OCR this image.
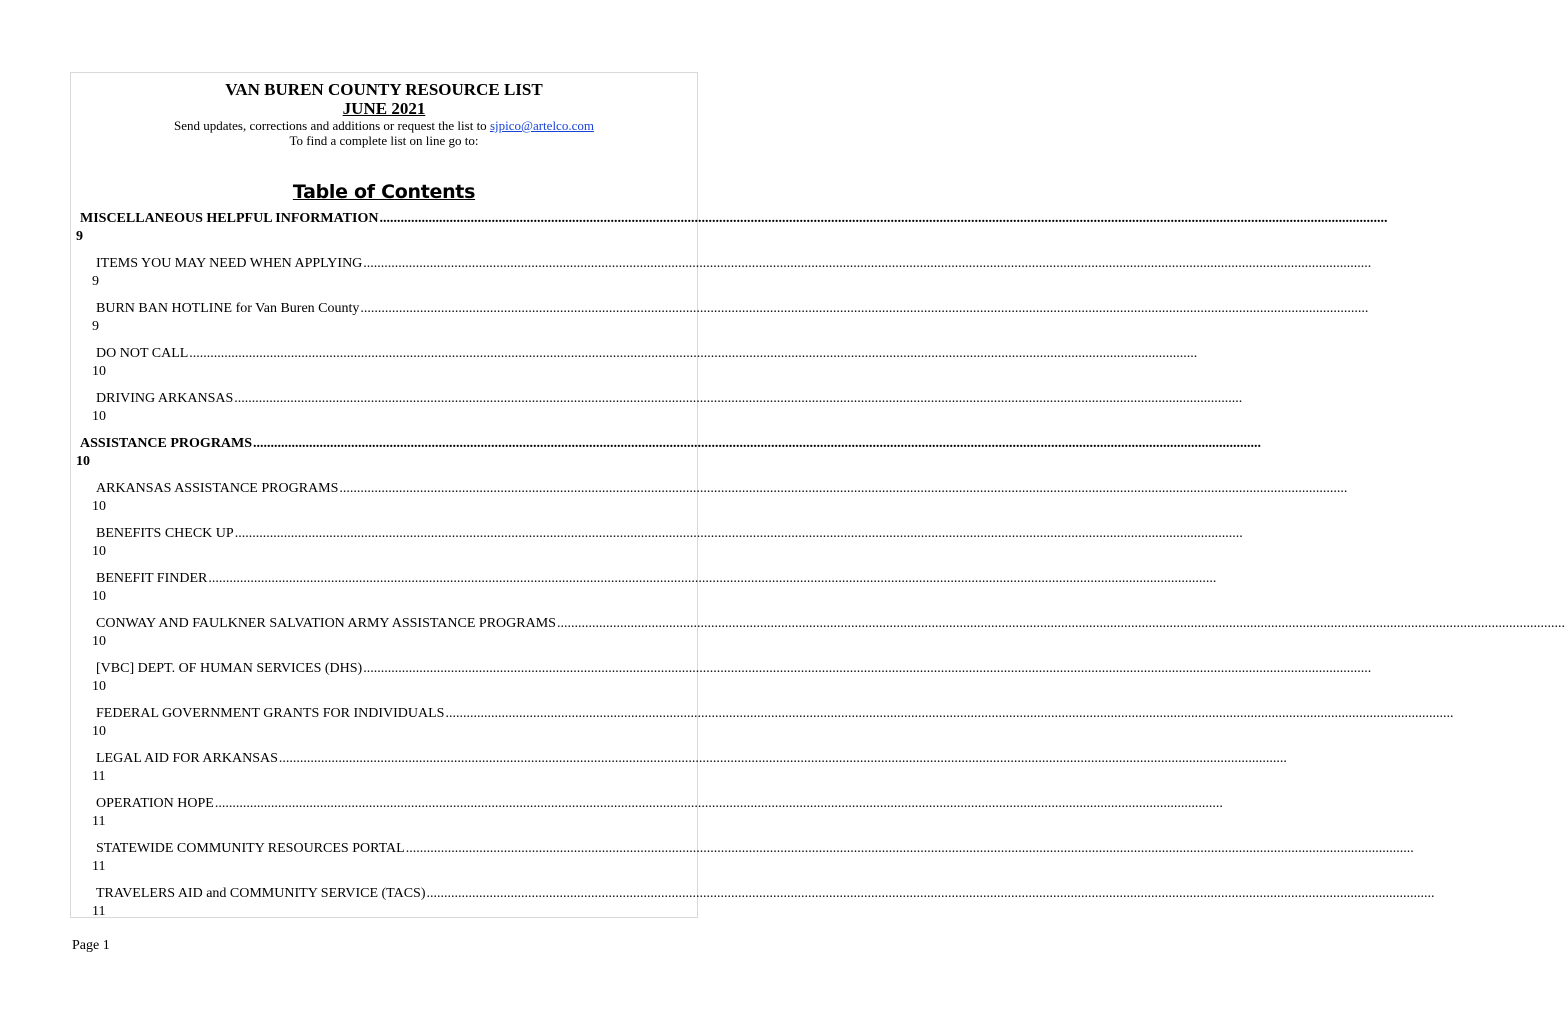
VAN BUREN COUNTY RESOURCE LIST

JUNE 2021

Send updates, corrections and additions or request the list to sjpico@artelco.com

To find a complete list on line go to:

Table of Contents
MISCELLANEOUS HELPFUL INFORMATION ................................................................................................................................................................................................................................................................................................
9
ITEMS YOU MAY NEED WHEN APPLYING ................................................................................................................................................................................................................................................................................................
9
BURN BAN HOTLINE for Van Buren County ................................................................................................................................................................................................................................................................................................
9
DO NOT CALL ................................................................................................................................................................................................................................................................................................
10
DRIVING ARKANSAS ................................................................................................................................................................................................................................................................................................
10
ASSISTANCE PROGRAMS ................................................................................................................................................................................................................................................................................................
10
ARKANSAS ASSISTANCE PROGRAMS ................................................................................................................................................................................................................................................................................................
10
BENEFITS CHECK UP ................................................................................................................................................................................................................................................................................................
10
BENEFIT FINDER ................................................................................................................................................................................................................................................................................................
10
CONWAY AND FAULKNER SALVATION ARMY ASSISTANCE PROGRAMS ................................................................................................................................................................................................................................................................................................
10
[VBC] DEPT. OF HUMAN SERVICES (DHS) ................................................................................................................................................................................................................................................................................................
10
FEDERAL GOVERNMENT GRANTS FOR INDIVIDUALS ................................................................................................................................................................................................................................................................................................
10
LEGAL AID FOR ARKANSAS ................................................................................................................................................................................................................................................................................................
11
OPERATION HOPE ................................................................................................................................................................................................................................................................................................
11
STATEWIDE COMMUNITY RESOURCES PORTAL ................................................................................................................................................................................................................................................................................................
11
TRAVELERS AID and COMMUNITY SERVICE (TACS) ................................................................................................................................................................................................................................................................................................
11
Page 1
